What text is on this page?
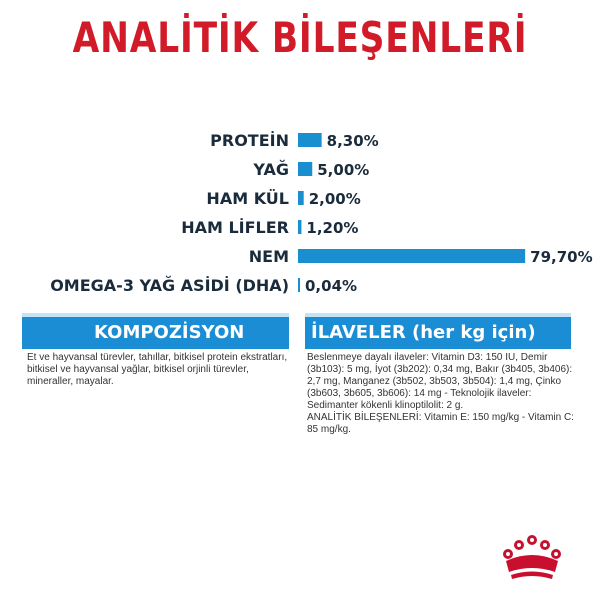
ANALİTİK BİLEŞENLERİ
PROTEİN	8,30%
YAĞ 5,00%
HAM KÜL 2,00%
HAM LİFLER 1,20%
NEM	79,70%
OMEGA-3 YAĞ ASİDİ (DHA) 0,04%
KOMPOZİSYON	İLAVELER (her kg için)
Et ve hayvansal türevler, tahıllar, bitkisel protein ekstratları,
bitkisel ve hayvansal yağlar, bitkisel orjinli türevler,
mineraller, mayalar.
Beslenmeye dayalı ilaveler: Vitamin D3: 150 IU, Demir
(3b103): 5 mg, İyot (3b202): 0,34 mg, Bakır (3b405, 3b406):
2,7 mg, Manganez (3b502, 3b503, 3b504): 1,4 mg, Çinko
(3b603, 3b605, 3b606): 14 mg - Teknolojik ilaveler:
Sedimanter kökenli klinoptilolit: 2 g.
ANALİTİK BİLEŞENLERİ: Vitamin E: 150 mg/kg - Vitamin C:
85 mg/kg.
